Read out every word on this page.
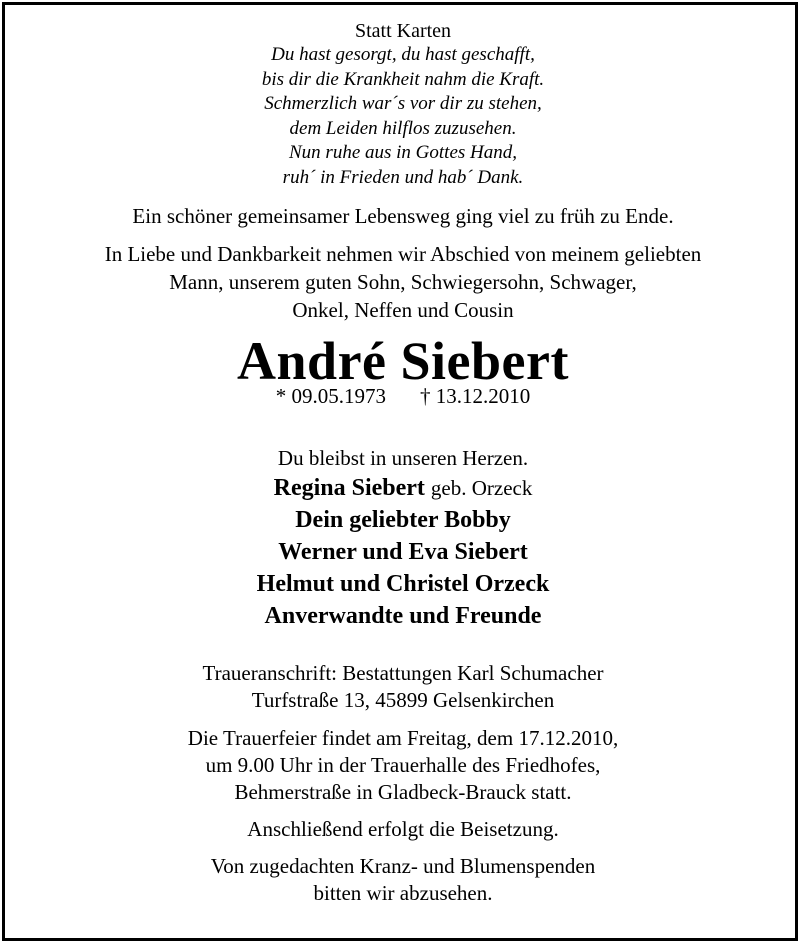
Statt Karten
Du hast gesorgt, du hast geschafft,
bis dir die Krankheit nahm die Kraft.
Schmerzlich war´s vor dir zu stehen,
dem Leiden hilflos zuzusehen.
Nun ruhe aus in Gottes Hand,
ruh´ in Frieden und hab´ Dank.
Ein schöner gemeinsamer Lebensweg ging viel zu früh zu Ende.
In Liebe und Dankbarkeit nehmen wir Abschied von meinem geliebten
Mann, unserem guten Sohn, Schwiegersohn, Schwager,
Onkel, Neffen und Cousin
André Siebert
* 09.05.1973 † 13.12.2010
Du bleibst in unseren Herzen.
Regina Siebert geb. Orzeck
Dein geliebter Bobby
Werner und Eva Siebert
Helmut und Christel Orzeck
Anverwandte und Freunde
Traueranschrift: Bestattungen Karl Schumacher
Turfstraße 13, 45899 Gelsenkirchen
Die Trauerfeier findet am Freitag, dem 17.12.2010,
um 9.00 Uhr in der Trauerhalle des Friedhofes,
Behmerstraße in Gladbeck-Brauck statt.
Anschließend erfolgt die Beisetzung.
Von zugedachten Kranz- und Blumenspenden
bitten wir abzusehen.
